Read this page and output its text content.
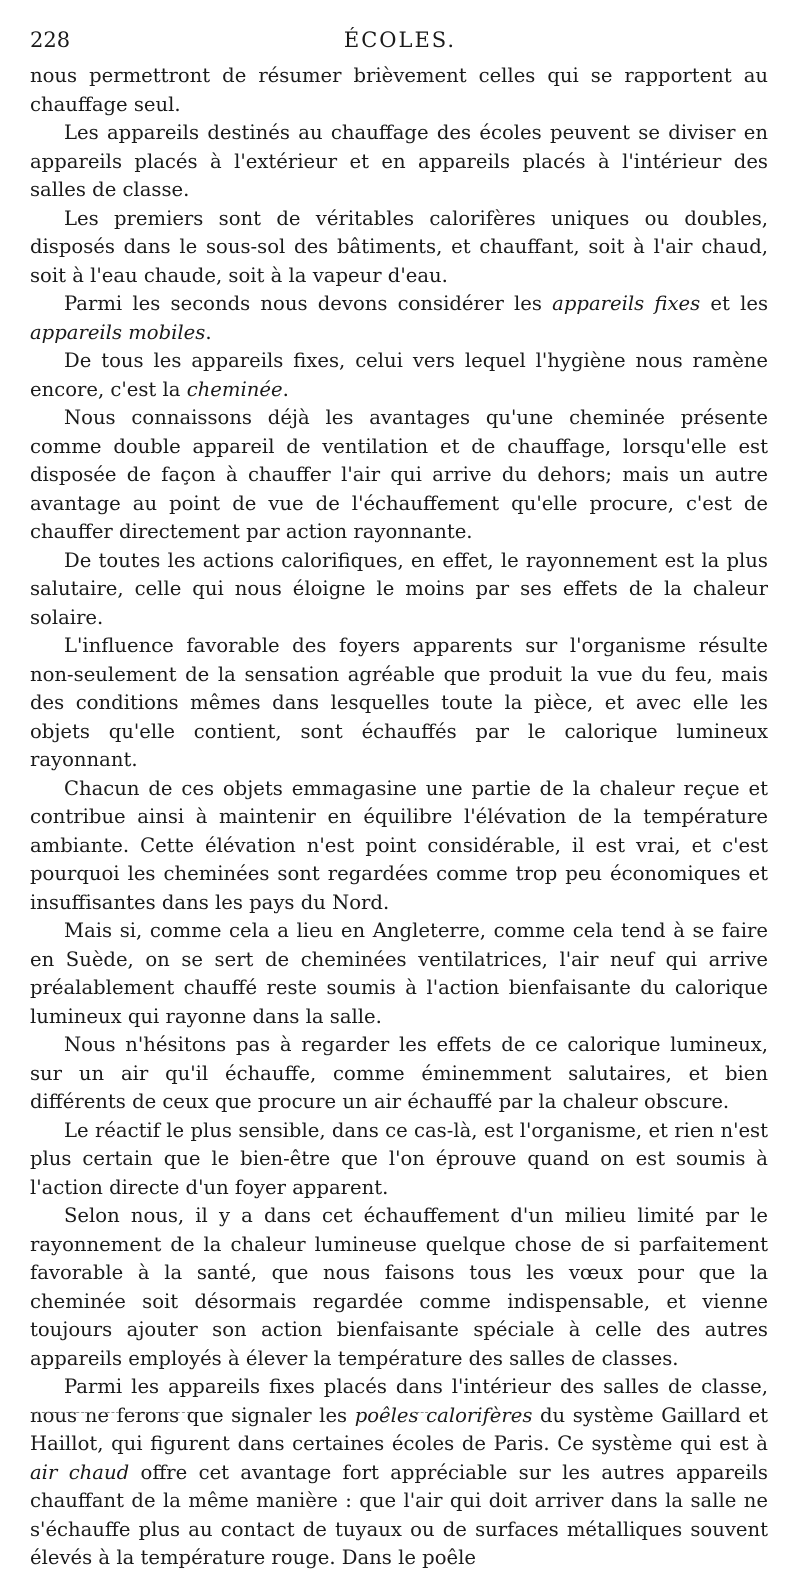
228	ÉCOLES.

nous permettront de résumer brièvement celles qui se rapportent au chauffage seul.

Les appareils destinés au chauffage des écoles peuvent se diviser en appareils placés à l'extérieur et en appareils placés à l'intérieur des salles de classe.

Les premiers sont de véritables calorifères uniques ou doubles, disposés dans le sous-sol des bâtiments, et chauffant, soit à l'air chaud, soit à l'eau chaude, soit à la vapeur d'eau.

Parmi les seconds nous devons considérer les appareils fixes et les appareils mobiles.

De tous les appareils fixes, celui vers lequel l'hygiène nous ramène encore, c'est la cheminée.

Nous connaissons déjà les avantages qu'une cheminée présente comme double appareil de ventilation et de chauffage, lorsqu'elle est disposée de façon à chauffer l'air qui arrive du dehors; mais un autre avantage au point de vue de l'échauffement qu'elle procure, c'est de chauffer directement par action rayonnante.

De toutes les actions calorifiques, en effet, le rayonnement est la plus salutaire, celle qui nous éloigne le moins par ses effets de la chaleur solaire.

L'influence favorable des foyers apparents sur l'organisme résulte non-seulement de la sensation agréable que produit la vue du feu, mais des conditions mêmes dans lesquelles toute la pièce, et avec elle les objets qu'elle contient, sont échauffés par le calorique lumineux rayonnant.

Chacun de ces objets emmagasine une partie de la chaleur reçue et contribue ainsi à maintenir en équilibre l'élévation de la température ambiante. Cette élévation n'est point considérable, il est vrai, et c'est pourquoi les cheminées sont regardées comme trop peu économiques et insuffisantes dans les pays du Nord.

Mais si, comme cela a lieu en Angleterre, comme cela tend à se faire en Suède, on se sert de cheminées ventilatrices, l'air neuf qui arrive préalablement chauffé reste soumis à l'action bienfaisante du calorique lumineux qui rayonne dans la salle.

Nous n'hésitons pas à regarder les effets de ce calorique lumineux, sur un air qu'il échauffe, comme éminemment salutaires, et bien différents de ceux que procure un air échauffé par la chaleur obscure.

Le réactif le plus sensible, dans ce cas-là, est l'organisme, et rien n'est plus certain que le bien-être que l'on éprouve quand on est soumis à l'action directe d'un foyer apparent.

Selon nous, il y a dans cet échauffement d'un milieu limité par le rayonnement de la chaleur lumineuse quelque chose de si parfaitement favorable à la santé, que nous faisons tous les vœux pour que la cheminée soit désormais regardée comme indispensable, et vienne toujours ajouter son action bienfaisante spéciale à celle des autres appareils employés à élever la température des salles de classes.

Parmi les appareils fixes placés dans l'intérieur des salles de classe, nous ne ferons que signaler les poêles calorifères du système Gaillard et Haillot, qui figurent dans certaines écoles de Paris. Ce système qui est à air chaud offre cet avantage fort appréciable sur les autres appareils chauffant de la même manière : que l'air qui doit arriver dans la salle ne s'échauffe plus au contact de tuyaux ou de surfaces métalliques souvent élevés à la température rouge. Dans le poêle
